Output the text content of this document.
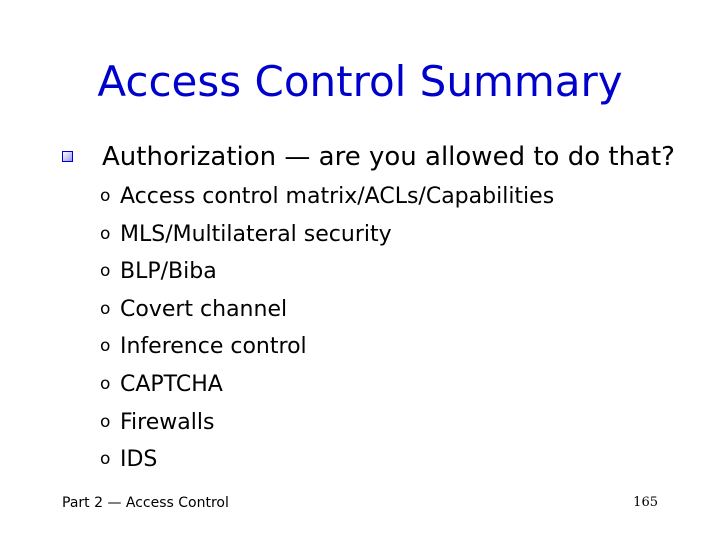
Access Control Summary
Authorization — are you allowed to do that?
o Access control matrix/ACLs/Capabilities
o MLS/Multilateral security
o BLP/Biba
o Covert channel
o Inference control
o CAPTCHA
o Firewalls
o IDS
Part 2 — Access Control	165
